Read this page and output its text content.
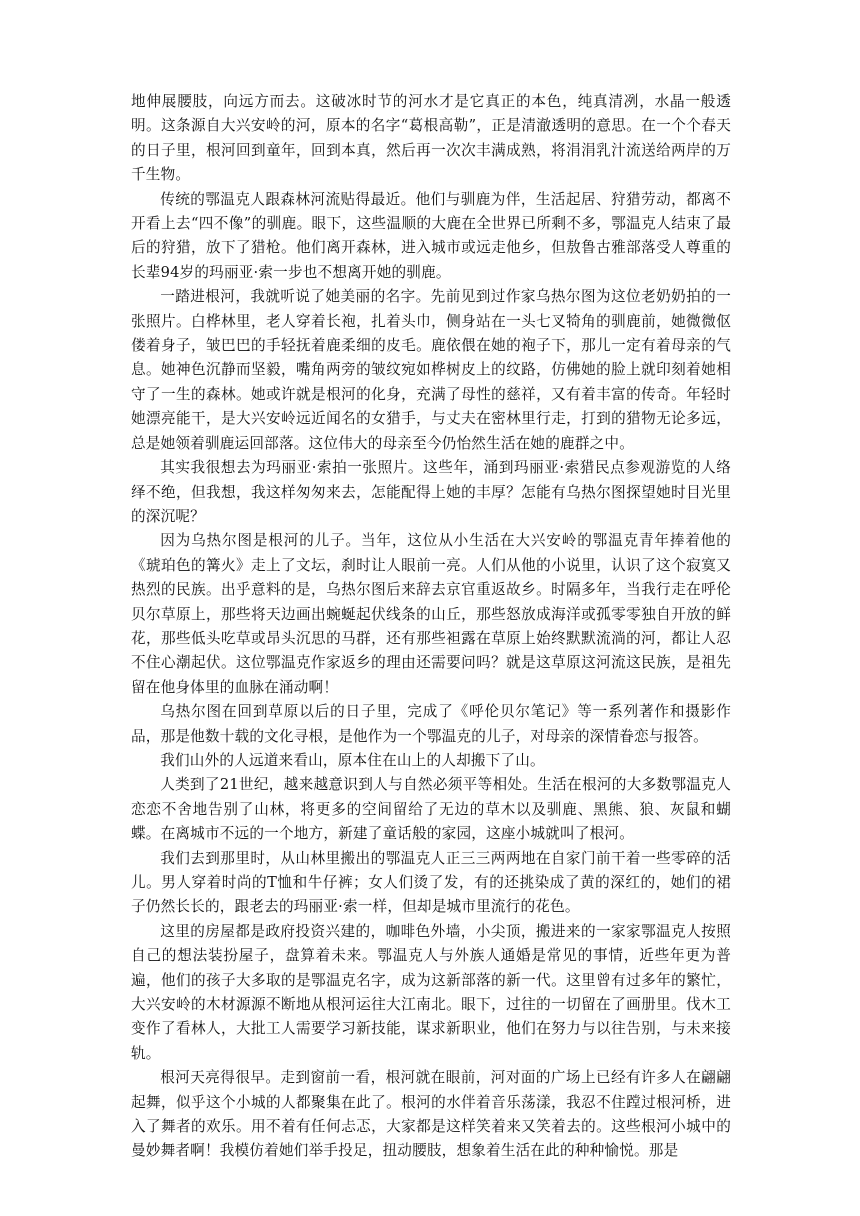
地伸展腰肢，向远方而去。这破冰时节的河水才是它真正的本色，纯真清冽，水晶一般透明。这条源自大兴安岭的河，原本的名字“葛根高勒”，正是清澈透明的意思。在一个个春天的日子里，根河回到童年，回到本真，然后再一次次丰满成熟，将涓涓乳汁流送给两岸的万千生物。

传统的鄂温克人跟森林河流贴得最近。他们与驯鹿为伴，生活起居、狩猎劳动，都离不开看上去“四不像”的驯鹿。眼下，这些温顺的大鹿在全世界已所剩不多，鄂温克人结束了最后的狩猎，放下了猎枪。他们离开森林，进入城市或远走他乡，但敖鲁古雅部落受人尊重的长辈94岁的玛丽亚·索一步也不想离开她的驯鹿。

一踏进根河，我就听说了她美丽的名字。先前见到过作家乌热尔图为这位老奶奶拍的一张照片。白桦林里，老人穿着长袍，扎着头巾，侧身站在一头七叉犄角的驯鹿前，她微微伛偻着身子，皱巴巴的手轻抚着鹿柔细的皮毛。鹿依偎在她的袍子下，那儿一定有着母亲的气息。她神色沉静而坚毅，嘴角两旁的皱纹宛如桦树皮上的纹路，仿佛她的脸上就印刻着她相守了一生的森林。她或许就是根河的化身，充满了母性的慈祥，又有着丰富的传奇。年轻时她漂亮能干，是大兴安岭远近闻名的女猎手，与丈夫在密林里行走，打到的猎物无论多远，总是她领着驯鹿运回部落。这位伟大的母亲至今仍怡然生活在她的鹿群之中。

其实我很想去为玛丽亚·索拍一张照片。这些年，涌到玛丽亚·索猎民点参观游览的人络绎不绝，但我想，我这样匆匆来去，怎能配得上她的丰厚？怎能有乌热尔图探望她时目光里的深沉呢？

因为乌热尔图是根河的儿子。当年，这位从小生活在大兴安岭的鄂温克青年捧着他的《琥珀色的篝火》走上了文坛，刹时让人眼前一亮。人们从他的小说里，认识了这个寂寞又热烈的民族。出乎意料的是，乌热尔图后来辞去京官重返故乡。时隔多年，当我行走在呼伦贝尔草原上，那些将天边画出蜿蜒起伏线条的山丘，那些怒放成海洋或孤零零独自开放的鲜花，那些低头吃草或昂头沉思的马群，还有那些袒露在草原上始终默默流淌的河，都让人忍不住心潮起伏。这位鄂温克作家返乡的理由还需要问吗？就是这草原这河流这民族，是祖先留在他身体里的血脉在涌动啊！

乌热尔图在回到草原以后的日子里，完成了《呼伦贝尔笔记》等一系列著作和摄影作品，那是他数十载的文化寻根，是他作为一个鄂温克的儿子，对母亲的深情眷恋与报答。

我们山外的人远道来看山，原本住在山上的人却搬下了山。

人类到了21世纪，越来越意识到人与自然必须平等相处。生活在根河的大多数鄂温克人恋恋不舍地告别了山林，将更多的空间留给了无边的草木以及驯鹿、黑熊、狼、灰鼠和蝴蝶。在离城市不远的一个地方，新建了童话般的家园，这座小城就叫了根河。

我们去到那里时，从山林里搬出的鄂温克人正三三两两地在自家门前干着一些零碎的活儿。男人穿着时尚的T恤和牛仔裤；女人们烫了发，有的还挑染成了黄的深红的，她们的裙子仍然长长的，跟老去的玛丽亚·索一样，但却是城市里流行的花色。

这里的房屋都是政府投资兴建的，咖啡色外墙，小尖顶，搬进来的一家家鄂温克人按照自己的想法装扮屋子，盘算着未来。鄂温克人与外族人通婚是常见的事情，近些年更为普遍，他们的孩子大多取的是鄂温克名字，成为这新部落的新一代。这里曾有过多年的繁忙，大兴安岭的木材源源不断地从根河运往大江南北。眼下，过往的一切留在了画册里。伐木工变作了看林人，大批工人需要学习新技能，谋求新职业，他们在努力与以往告别，与未来接轨。

根河天亮得很早。走到窗前一看，根河就在眼前，河对面的广场上已经有许多人在翩翩起舞，似乎这个小城的人都聚集在此了。根河的水伴着音乐荡漾，我忍不住蹚过根河桥，进入了舞者的欢乐。用不着有任何忐忑，大家都是这样笑着来又笑着去的。这些根河小城中的曼妙舞者啊！我模仿着她们举手投足，扭动腰肢，想象着生活在此的种种愉悦。那是
